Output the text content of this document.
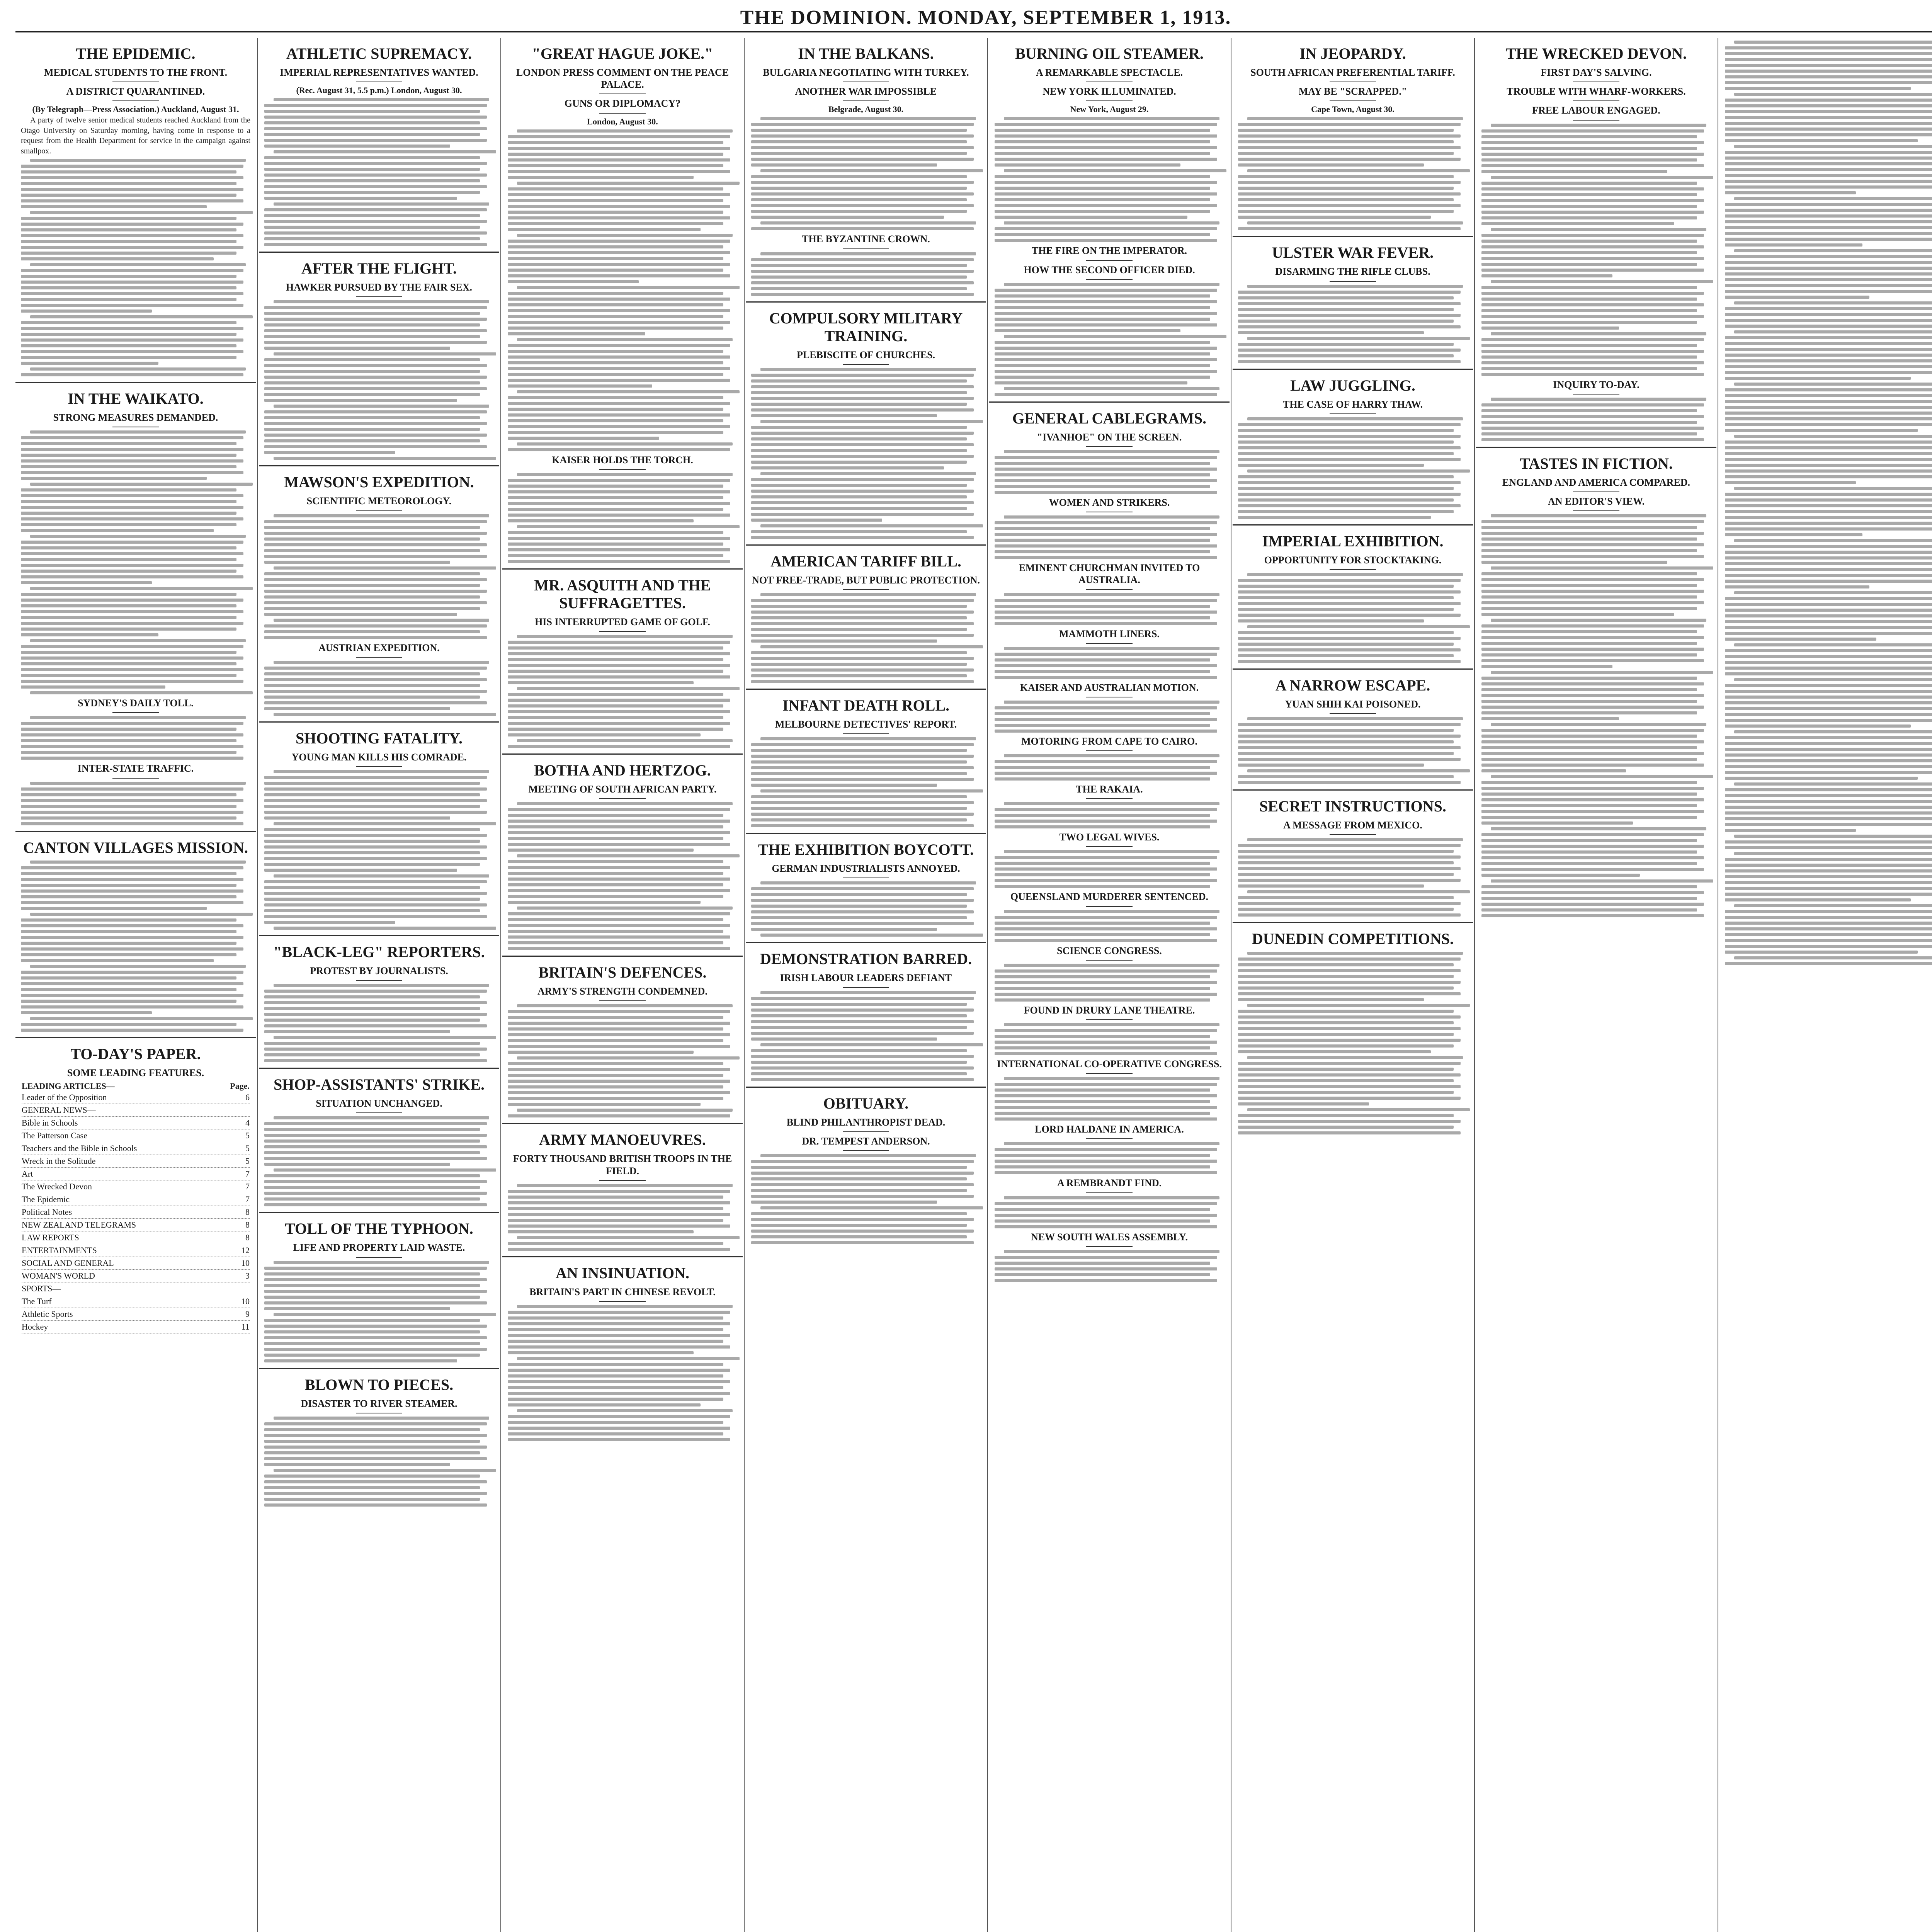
THE DOMINION. MONDAY, SEPTEMBER 1, 1913.
THE EPIDEMIC.
MEDICAL STUDENTS TO THE FRONT.
A DISTRICT QUARANTINED.
(By Telegraph—Press Association.) Auckland, August 31.
A party of twelve senior medical students reached Auckland from the Otago University on Saturday morning, having come in response to a request from the Health Department for service in the campaign against smallpox.
IN THE WAIKATO.
STRONG MEASURES DEMANDED.
SYDNEY'S DAILY TOLL.
INTER-STATE TRAFFIC.
CANTON VILLAGES MISSION.
TO-DAY'S PAPER.
SOME LEADING FEATURES.
LEADING ARTICLES—	Page.
Leader of the Opposition	6
GENERAL NEWS—
Bible in Schools	4
The Patterson Case	5
Teachers and the Bible in Schools	5
Wreck in the Solitude	5
Art	7
The Wrecked Devon	7
The Epidemic	7
Political Notes	8
NEW ZEALAND TELEGRAMS	8
LAW REPORTS	8
ENTERTAINMENTS	12
SOCIAL AND GENERAL	10
WOMAN'S WORLD	3
SPORTS—
The Turf	10
Athletic Sports	9
Hockey	11
ATHLETIC SUPREMACY.
IMPERIAL REPRESENTATIVES WANTED.
(Rec. August 31, 5.5 p.m.) London, August 30.
AFTER THE FLIGHT.
HAWKER PURSUED BY THE FAIR SEX.
MAWSON'S EXPEDITION.
SCIENTIFIC METEOROLOGY.
AUSTRIAN EXPEDITION.
SHOOTING FATALITY.
YOUNG MAN KILLS HIS COMRADE.
"BLACK-LEG" REPORTERS.
PROTEST BY JOURNALISTS.
SHOP-ASSISTANTS' STRIKE.
SITUATION UNCHANGED.
TOLL OF THE TYPHOON.
LIFE AND PROPERTY LAID WASTE.
BLOWN TO PIECES.
DISASTER TO RIVER STEAMER.
"GREAT HAGUE JOKE."
LONDON PRESS COMMENT ON THE PEACE PALACE.
GUNS OR DIPLOMACY?
London, August 30.
KAISER HOLDS THE TORCH.
MR. ASQUITH AND THE SUFFRAGETTES.
HIS INTERRUPTED GAME OF GOLF.
BOTHA AND HERTZOG.
MEETING OF SOUTH AFRICAN PARTY.
BRITAIN'S DEFENCES.
ARMY'S STRENGTH CONDEMNED.
ARMY MANOEUVRES.
FORTY THOUSAND BRITISH TROOPS IN THE FIELD.
AN INSINUATION.
BRITAIN'S PART IN CHINESE REVOLT.
IN THE BALKANS.
BULGARIA NEGOTIATING WITH TURKEY.
ANOTHER WAR IMPOSSIBLE
Belgrade, August 30.
THE BYZANTINE CROWN.
COMPULSORY MILITARY TRAINING.
PLEBISCITE OF CHURCHES.
AMERICAN TARIFF BILL.
NOT FREE-TRADE, BUT PUBLIC PROTECTION.
INFANT DEATH ROLL.
MELBOURNE DETECTIVES' REPORT.
THE EXHIBITION BOYCOTT.
GERMAN INDUSTRIALISTS ANNOYED.
DEMONSTRATION BARRED.
IRISH LABOUR LEADERS DEFIANT
OBITUARY.
BLIND PHILANTHROPIST DEAD.
DR. TEMPEST ANDERSON.
BURNING OIL STEAMER.
A REMARKABLE SPECTACLE.
NEW YORK ILLUMINATED.
New York, August 29.
THE FIRE ON THE IMPERATOR.
HOW THE SECOND OFFICER DIED.
GENERAL CABLEGRAMS.
"IVANHOE" ON THE SCREEN.
WOMEN AND STRIKERS.
EMINENT CHURCHMAN INVITED TO AUSTRALIA.
MAMMOTH LINERS.
KAISER AND AUSTRALIAN MOTION.
MOTORING FROM CAPE TO CAIRO.
THE RAKAIA.
TWO LEGAL WIVES.
QUEENSLAND MURDERER SENTENCED.
SCIENCE CONGRESS.
FOUND IN DRURY LANE THEATRE.
INTERNATIONAL CO-OPERATIVE CONGRESS.
LORD HALDANE IN AMERICA.
A REMBRANDT FIND.
NEW SOUTH WALES ASSEMBLY.
IN JEOPARDY.
SOUTH AFRICAN PREFERENTIAL TARIFF.
MAY BE "SCRAPPED."
Cape Town, August 30.
ULSTER WAR FEVER.
DISARMING THE RIFLE CLUBS.
LAW JUGGLING.
THE CASE OF HARRY THAW.
IMPERIAL EXHIBITION.
OPPORTUNITY FOR STOCKTAKING.
A NARROW ESCAPE.
YUAN SHIH KAI POISONED.
SECRET INSTRUCTIONS.
A MESSAGE FROM MEXICO.
DUNEDIN COMPETITIONS.
THE WRECKED DEVON.
FIRST DAY'S SALVING.
TROUBLE WITH WHARF-WORKERS.
FREE LABOUR ENGAGED.
INQUIRY TO-DAY.
TASTES IN FICTION.
ENGLAND AND AMERICA COMPARED.
AN EDITOR'S VIEW.
